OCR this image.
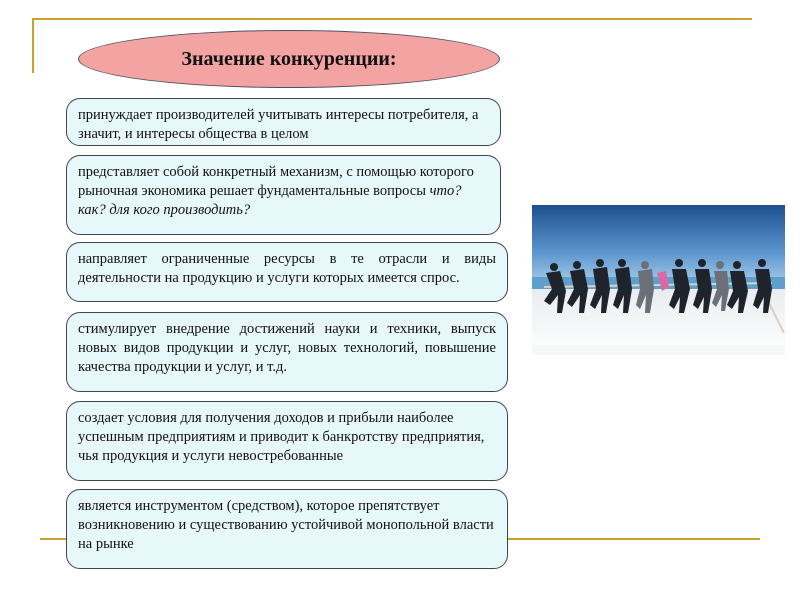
Значение конкуренции:
принуждает производителей учитывать интересы потребителя, а значит, и интересы общества в целом
представляет собой конкретный механизм, с помощью которого рыночная экономика решает фундаментальные вопросы что? как? для кого производить?
направляет ограниченные ресурсы в те отрасли и виды деятельности на продукцию и услуги которых имеется спрос.
стимулирует внедрение достижений науки и техники, выпуск новых видов продукции и услуг, новых технологий, повышение качества продукции и услуг, и т.д.
создает условия для получения доходов и прибыли наиболее успешным предприятиям и приводит к банкротству предприятия, чья продукция и услуги невостребованные
является инструментом (средством), которое препятствует возникновению и существованию устойчивой монопольной власти на рынке
